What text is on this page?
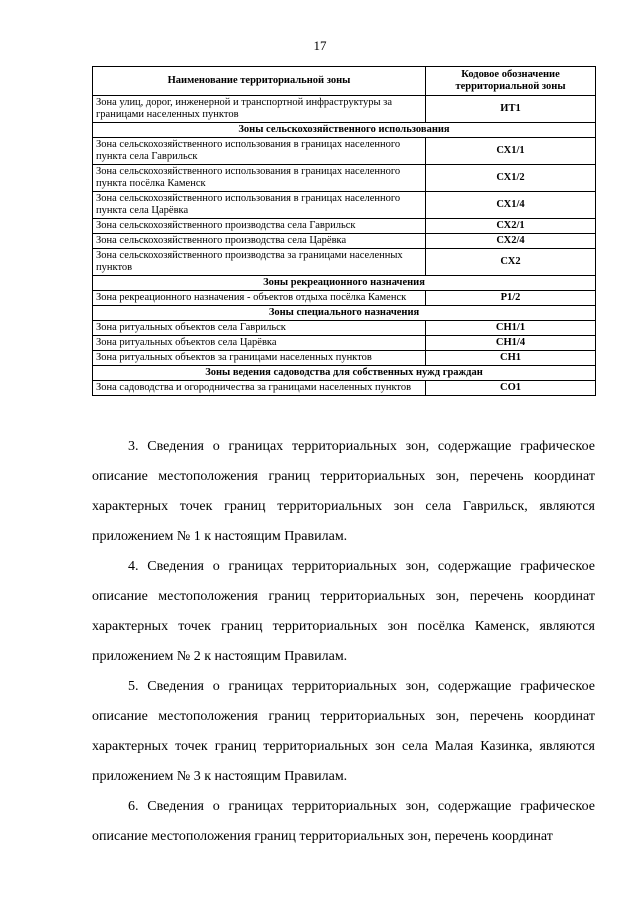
17
Наименование территориальной зоны	Кодовое обозначение территориальной зоны
Зона улиц, дорог, инженерной и транспортной инфраструктуры за границами населенных пунктов	ИТ1
Зоны сельскохозяйственного использования	
Зона сельскохозяйственного использования в границах населенного пункта села Гаврильск	СХ1/1
Зона сельскохозяйственного использования в границах населенного пункта посёлка Каменск	СХ1/2
Зона сельскохозяйственного использования в границах населенного пункта села Царёвка	СХ1/4
Зона сельскохозяйственного производства села Гаврильск	СХ2/1
Зона сельскохозяйственного производства села Царёвка	СХ2/4
Зона сельскохозяйственного производства за границами населенных пунктов	СХ2
Зоны рекреационного назначения	
Зона рекреационного назначения - объектов отдыха посёлка Каменск	Р1/2
Зоны специального назначения	
Зона ритуальных объектов села Гаврильск	СН1/1
Зона ритуальных объектов села Царёвка	СН1/4
Зона ритуальных объектов за границами населенных пунктов	СН1
Зоны ведения садоводства для собственных нужд граждан	
Зона садоводства и огородничества за границами населенных пунктов	СО1

3. Сведения о границах территориальных зон, содержащие графическое описание местоположения границ территориальных зон, перечень координат характерных точек границ территориальных зон села Гаврильск, являются приложением № 1 к настоящим Правилам.

4. Сведения о границах территориальных зон, содержащие графическое описание местоположения границ территориальных зон, перечень координат характерных точек границ территориальных зон посёлка Каменск, являются приложением № 2 к настоящим Правилам.

5. Сведения о границах территориальных зон, содержащие графическое описание местоположения границ территориальных зон, перечень координат характерных точек границ территориальных зон села Малая Казинка, являются приложением № 3 к настоящим Правилам.

6. Сведения о границах территориальных зон, содержащие графическое описание местоположения границ территориальных зон, перечень координат
